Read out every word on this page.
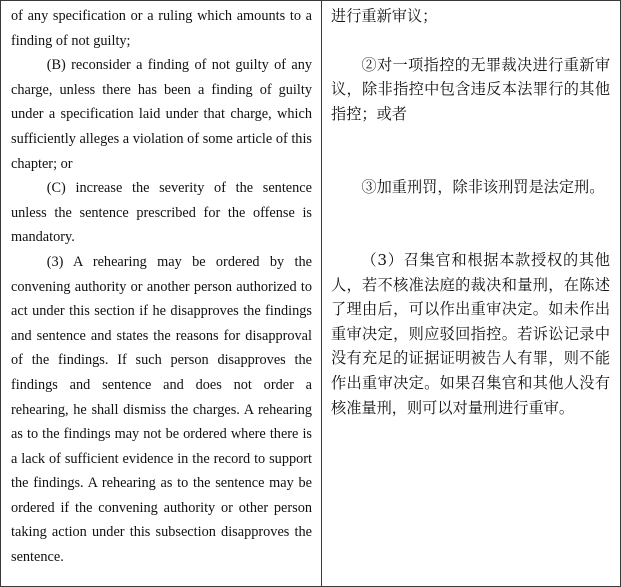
of any specification or a ruling which amounts to a finding of not guilty;

(B) reconsider a finding of not guilty of any charge, unless there has been a finding of guilty under a specification laid under that charge, which sufficiently alleges a violation of some article of this chapter; or

(C) increase the severity of the sentence unless the sentence prescribed for the offense is mandatory.

(3) A rehearing may be ordered by the convening authority or another person authorized to act under this section if he disapproves the findings and sentence and states the reasons for disapproval of the findings. If such person disapproves the findings and sentence and does not order a rehearing, he shall dismiss the charges. A rehearing as to the findings may not be ordered where there is a lack of sufficient evidence in the record to support the findings. A rehearing as to the sentence may be ordered if the convening authority or other person taking action under this subsection disapproves the sentence.

进行重新审议；

②对一项指控的无罪裁决进行重新审议，除非指控中包含违反本法罪行的其他指控；或者

③加重刑罚，除非该刑罚是法定刑。

（3）召集官和根据本款授权的其他人，若不核准法庭的裁决和量刑，在陈述了理由后，可以作出重审决定。如未作出重审决定，则应驳回指控。若诉讼记录中没有充足的证据证明被告人有罪，则不能作出重审决定。如果召集官和其他人没有核准量刑，则可以对量刑进行重审。
